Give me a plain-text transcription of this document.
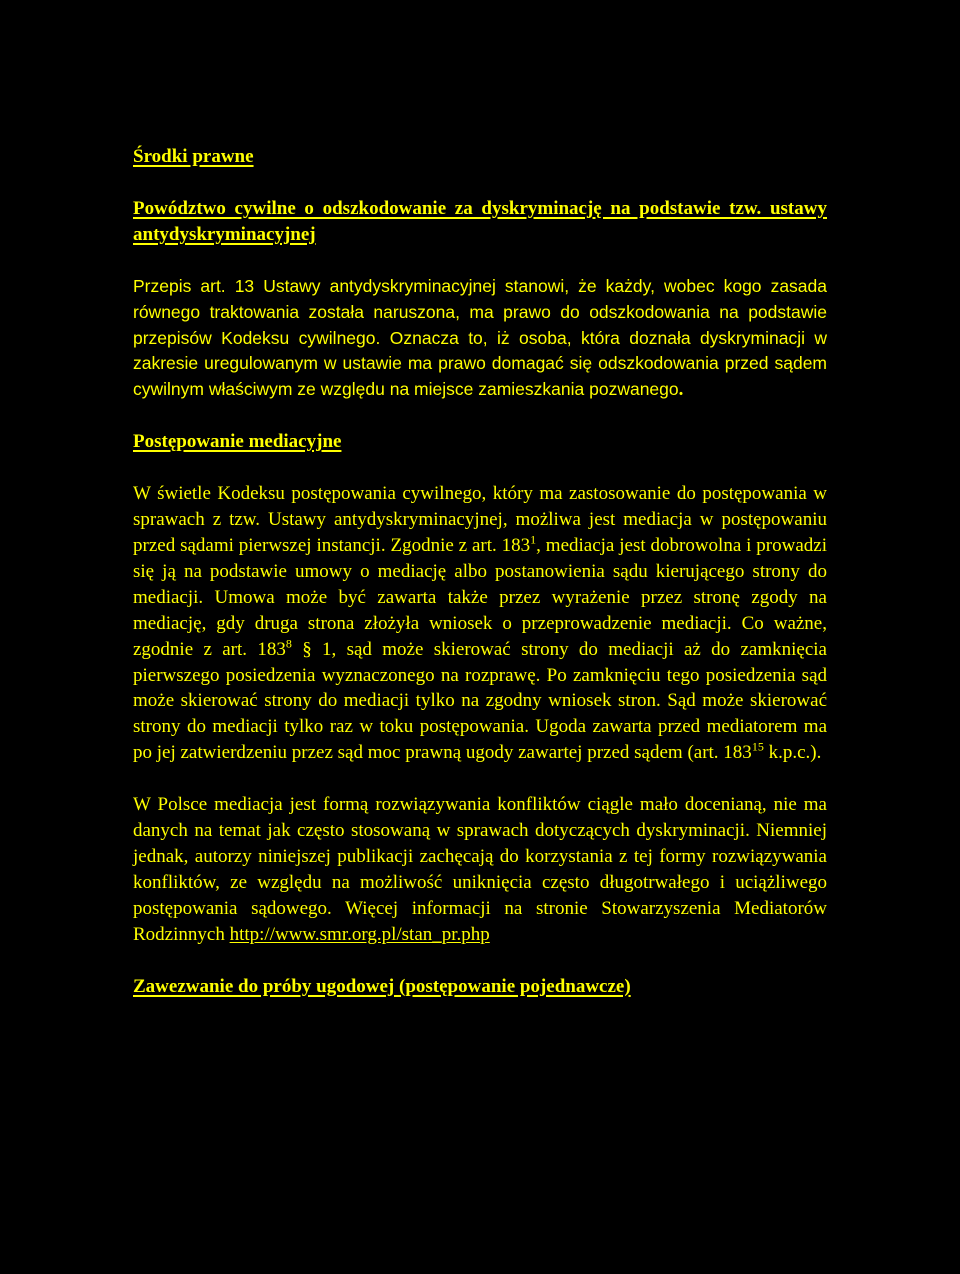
Środki prawne
Powództwo cywilne o odszkodowanie za dyskryminację na podstawie tzw. ustawy antydyskryminacyjnej

Przepis art. 13 Ustawy antydyskryminacyjnej stanowi, że każdy, wobec kogo zasada równego traktowania została naruszona, ma prawo do odszkodowania na podstawie przepisów Kodeksu cywilnego. Oznacza to, iż osoba, która doznała dyskryminacji w zakresie uregulowanym w ustawie ma prawo domagać się odszkodowania przed sądem cywilnym właściwym ze względu na miejsce zamieszkania pozwanego.

Postępowanie mediacyjne

W świetle Kodeksu postępowania cywilnego, który ma zastosowanie do postępowania w sprawach z tzw. Ustawy antydyskryminacyjnej, możliwa jest mediacja w postępowaniu przed sądami pierwszej instancji. Zgodnie z art. $183^1$, mediacja jest dobrowolna i prowadzi się ją na podstawie umowy o mediację albo postanowienia sądu kierującego strony do mediacji. Umowa może być zawarta także przez wyrażenie przez stronę zgody na mediację, gdy druga strona złożyła wniosek o przeprowadzenie mediacji. Co ważne, zgodnie z art. $183^8$ § 1, sąd może skierować strony do mediacji aż do zamknięcia pierwszego posiedzenia wyznaczonego na rozprawę. Po zamknięciu tego posiedzenia sąd może skierować strony do mediacji tylko na zgodny wniosek stron. Sąd może skierować strony do mediacji tylko raz w toku postępowania. Ugoda zawarta przed mediatorem ma po jej zatwierdzeniu przez sąd moc prawną ugody zawartej przed sądem (art. $183^{15}$ k.p.c.).

W Polsce mediacja jest formą rozwiązywania konfliktów ciągle mało docenianą, nie ma danych na temat jak często stosowaną w sprawach dotyczących dyskryminacji. Niemniej jednak, autorzy niniejszej publikacji zachęcają do korzystania z tej formy rozwiązywania konfliktów, ze względu na możliwość uniknięcia często długotrwałego i uciążliwego postępowania sądowego. Więcej informacji na stronie Stowarzyszenia Mediatorów Rodzinnych http://www.smr.org.pl/stan_pr.php

Zawezwanie do próby ugodowej (postępowanie pojednawcze)
